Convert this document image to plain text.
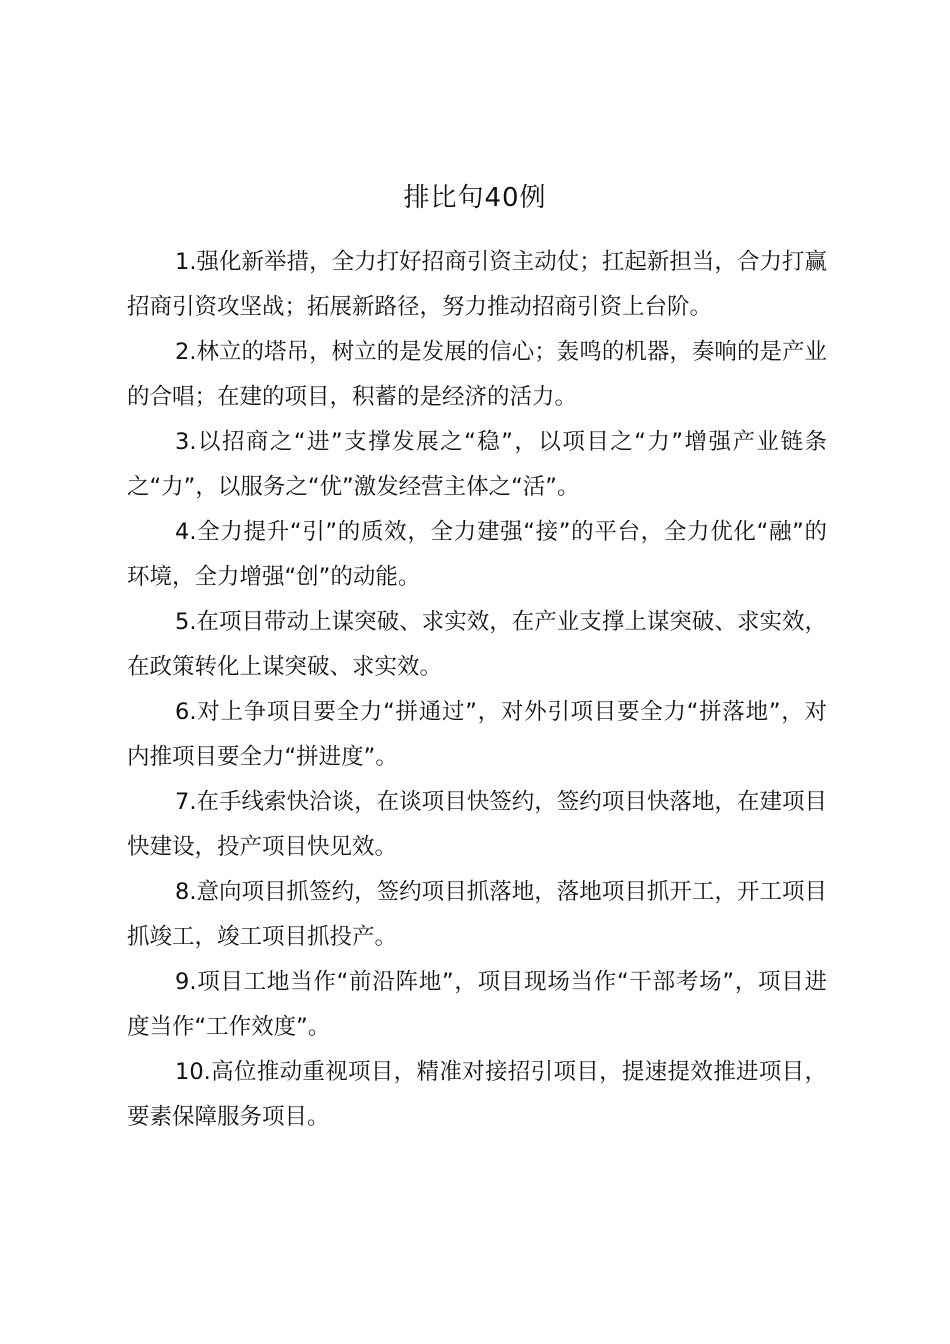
排比句40例

1.强化新举措，全力打好招商引资主动仗；扛起新担当，合力打赢招商引资攻坚战；拓展新路径，努力推动招商引资上台阶。

2.林立的塔吊，树立的是发展的信心；轰鸣的机器，奏响的是产业的合唱；在建的项目，积蓄的是经济的活力。

3.以招商之“进”支撑发展之“稳”，以项目之“力”增强产业链条之“力”，以服务之“优”激发经营主体之“活”。

4.全力提升“引”的质效，全力建强“接”的平台，全力优化“融”的环境，全力增强“创”的动能。

5.在项目带动上谋突破、求实效，在产业支撑上谋突破、求实效，在政策转化上谋突破、求实效。

6.对上争项目要全力“拼通过”，对外引项目要全力“拼落地”，对内推项目要全力“拼进度”。

7.在手线索快洽谈，在谈项目快签约，签约项目快落地，在建项目快建设，投产项目快见效。

8.意向项目抓签约，签约项目抓落地，落地项目抓开工，开工项目抓竣工，竣工项目抓投产。

9.项目工地当作“前沿阵地”，项目现场当作“干部考场”，项目进度当作“工作效度”。

10.高位推动重视项目，精准对接招引项目，提速提效推进项目，要素保障服务项目。
